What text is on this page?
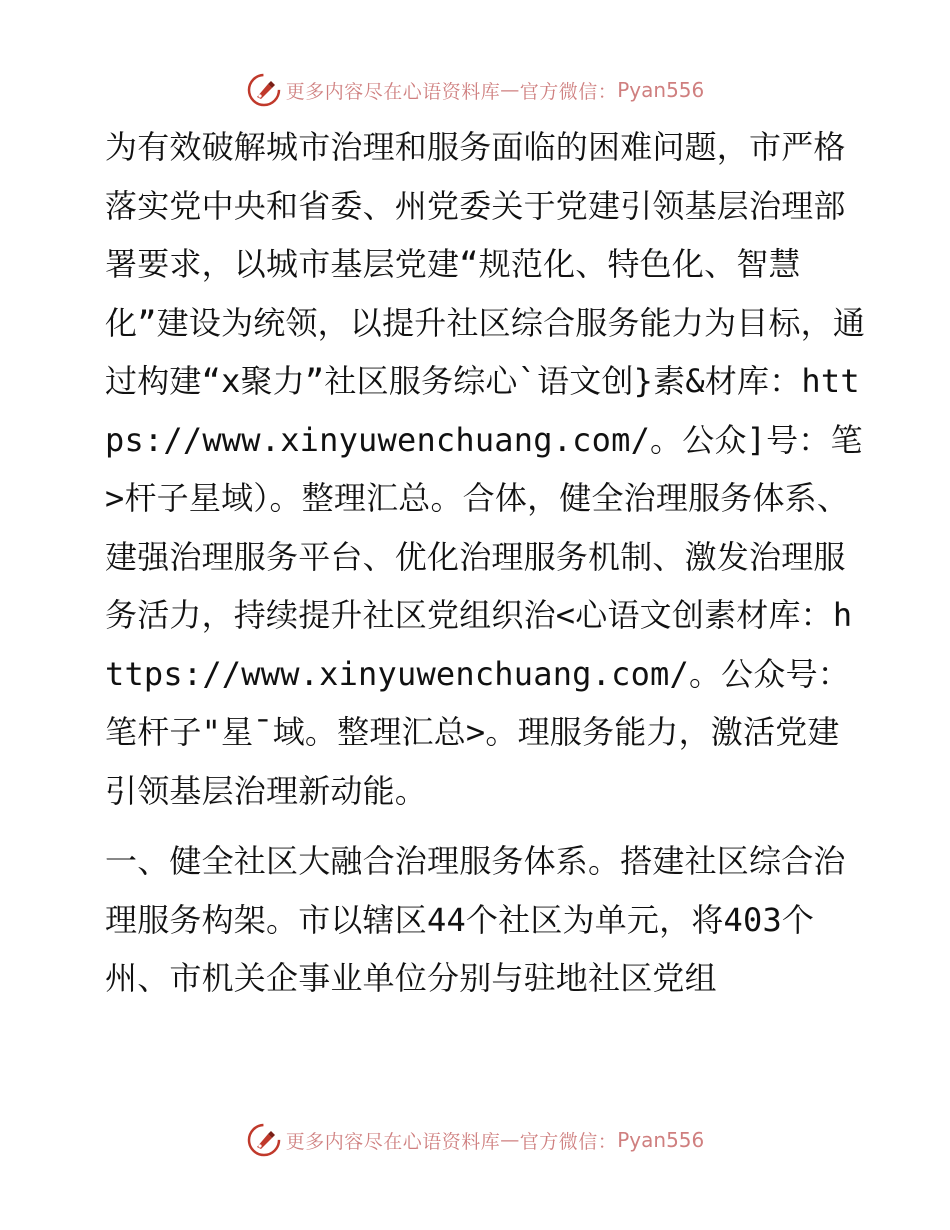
更多内容尽在心语资料库 — 官方微信： Pyan556

为有效破解城市治理和服务面临的困难问题，市严格落实党中央和省委、州党委关于党建引领基层治理部署要求，以城市基层党建“规范化、特色化、智慧化”建设为统领，以提升社区综合服务能力为目标，通过构建“x聚力”社区服务综心`语文创}素&材库：https://www.xinyuwenchuang.com/。公众]号：笔>杆子星域）。整理汇总。合体，健全治理服务体系、建强治理服务平台、优化治理服务机制、激发治理服务活力，持续提升社区党组织治<心语文创素材库：https://www.xinyuwenchuang.com/。公众号：笔杆子"星¯域。整理汇总>。理服务能力，激活党建引领基层治理新动能。

一、健全社区大融合治理服务体系。搭建社区综合治理服务构架。市以辖区44个社区为单元，将403个州、市机关企事业单位分别与驻地社区党组

更多内容尽在心语资料库 — 官方微信： Pyan556
